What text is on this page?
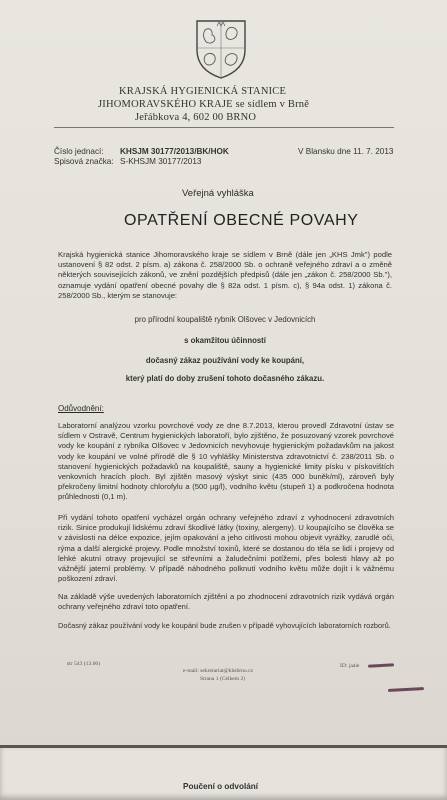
KRAJSKÁ HYGIENICKÁ STANICE
JIHOMORAVSKÉHO KRAJE se sídlem v Brně
Jeřábkova 4, 602 00 BRNO
Číslo jednací: KHSJM 30177/2013/BK/HOK
Spisová značka: S-KHSJM 30177/2013
V Blansku dne 11. 7. 2013
Veřejná vyhláška
OPATŘENÍ OBECNÉ POVAHY
Krajská hygienická stanice Jihomoravského kraje se sídlem v Brně (dále jen „KHS Jmk") podle ustanovení § 82 odst. 2 písm. a) zákona č. 258/2000 Sb. o ochraně veřejného zdraví a o změně některých souvisejících zákonů, ve znění pozdějších předpisů (dále jen „zákon č. 258/2000 Sb."), oznamuje vydání opatření obecné povahy dle § 82a odst. 1 písm. c), § 94a odst. 1) zákona č. 258/2000 Sb., kterým se stanovuje:
pro přírodní koupaliště rybník Olšovec v Jedovnicích
s okamžitou účinností
dočasný zákaz používání vody ke koupání,
který platí do doby zrušení tohoto dočasného zákazu.
Odůvodnění:
Laboratorní analýzou vzorku povrchové vody ze dne 8.7.2013, kterou provedl Zdravotní ústav se sídlem v Ostravě, Centrum hygienických laboratoří, bylo zjištěno, že posuzovaný vzorek povrchové vody ke koupání z rybníka Olšovec v Jedovnicích nevyhovuje hygienickým požadavkům na jakost vody ke koupání ve volné přírodě dle § 10 vyhlášky Ministerstva zdravotnictví č. 238/2011 Sb. o stanovení hygienických požadavků na koupaliště, sauny a hygienické limity písku v pískovištích venkovních hracích ploch. Byl zjištěn masový výskyt sinic (435 000 buněk/ml), zároveň byly překročeny limitní hodnoty chlorofylu a (500 µg/l), vodního květu (stupeň 1) a podkročena hodnota průhlednosti (0,1 m).
Při vydání tohoto opatření vycházel orgán ochrany veřejného zdraví z vyhodnocení zdravotních rizik. Sinice produkují lidskému zdraví škodlivé látky (toxiny, alergeny). U koupajícího se člověka se v závislosti na délce expozice, jejím opakování a jeho citlivosti mohou objevit vyrážky, zarudlé oči, rýma a další alergické projevy. Podle množství toxinů, které se dostanou do těla se lidí i projevy od lehké akutní otravy projevující se střevními a žaludečními potížemi, přes bolesti hlavy až po vážnější jaterní problémy. V případě náhodného polknutí vodního květu může dojít i k vážnému poškození zdraví.
Na základě výše uvedených laboratorních zjištění a po zhodnocení zdravotních rizik vydává orgán ochrany veřejného zdraví toto opatření.
Dočasný zákaz používání vody ke koupání bude zrušen v případě vyhovujících laboratorních rozborů.
str 543 (13.06)
e-mail: sekretariat@khsbrno.cz
Strana 1 (Celkem 2)
ID: jaaie
Poučení o odvolání
